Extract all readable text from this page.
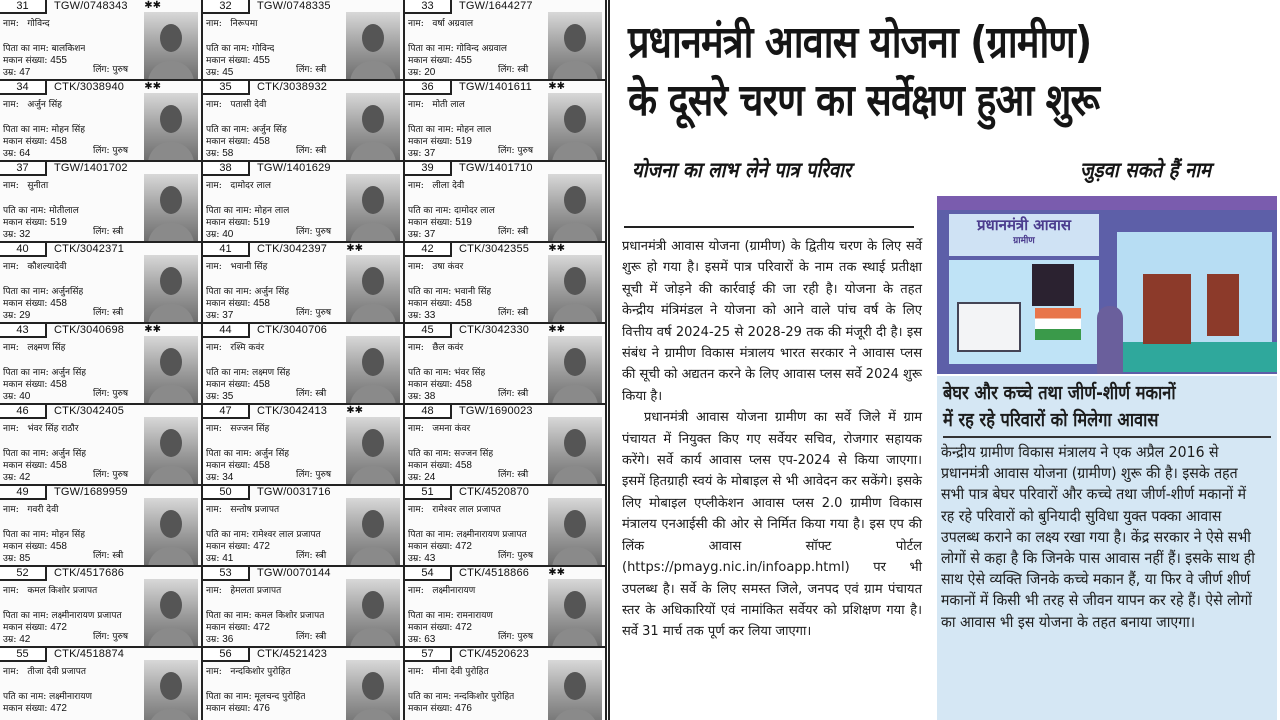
31	TGW/0748343 ✱✱
नाम: गोविन्द
पिता का नाम: बालकिशन
मकान संख्या: 455
उम्र: 47	लिंग: पुरुष
32	TGW/0748335
नाम: निरूपमा
पति का नाम: गोविन्द
मकान संख्या: 455
उम्र: 45	लिंग: स्त्री
33	TGW/1644277
नाम: वर्षा अग्रवाल
पिता का नाम: गोविन्द अग्रवाल
मकान संख्या: 455
उम्र: 20	लिंग: स्त्री
34	CTK/3038940 ✱✱
नाम: अर्जुन सिंह
पिता का नाम: मोहन सिंह
मकान संख्या: 458
उम्र: 64	लिंग: पुरुष
35	CTK/3038932
नाम: पतासी देवी
पति का नाम: अर्जुन सिंह
मकान संख्या: 458
उम्र: 58	लिंग: स्त्री
36	TGW/1401611 ✱✱
नाम: मोती लाल
पिता का नाम: मोहन लाल
मकान संख्या: 519
उम्र: 37	लिंग: पुरुष
37	TGW/1401702
नाम: सुनीता
पति का नाम: मोतीलाल
मकान संख्या: 519
उम्र: 32	लिंग: स्त्री
38	TGW/1401629
नाम: दामोदर लाल
पिता का नाम: मोहन लाल
मकान संख्या: 519
उम्र: 40	लिंग: पुरुष
39	TGW/1401710
नाम: लीला देवी
पति का नाम: दामोदर लाल
मकान संख्या: 519
उम्र: 37	लिंग: स्त्री
40	CTK/3042371
नाम: कौशल्यादेवी
पिता का नाम: अर्जुनसिंह
मकान संख्या: 458
उम्र: 29	लिंग: स्त्री
41	CTK/3042397 ✱✱
नाम: भवानी सिंह
पिता का नाम: अर्जुन सिंह
मकान संख्या: 458
उम्र: 37	लिंग: पुरुष
42	CTK/3042355 ✱✱
नाम: उषा कंवर
पति का नाम: भवानी सिंह
मकान संख्या: 458
उम्र: 33	लिंग: स्त्री
43	CTK/3040698 ✱✱
नाम: लक्ष्मण सिंह
पिता का नाम: अर्जुन सिंह
मकान संख्या: 458
उम्र: 40	लिंग: पुरुष
44	CTK/3040706
नाम: रश्मि कवंर
पति का नाम: लक्ष्मण सिंह
मकान संख्या: 458
उम्र: 35	लिंग: स्त्री
45	CTK/3042330 ✱✱
नाम: छैल कवंर
पति का नाम: भंवर सिंह
मकान संख्या: 458
उम्र: 38	लिंग: स्त्री
46	CTK/3042405
नाम: भंवर सिंह राठौर
पिता का नाम: अर्जुन सिंह
मकान संख्या: 458
उम्र: 42	लिंग: पुरुष
47	CTK/3042413 ✱✱
नाम: सज्जन सिंह
पिता का नाम: अर्जुन सिंह
मकान संख्या: 458
उम्र: 34	लिंग: पुरुष
48	TGW/1690023
नाम: जमना कंवर
पति का नाम: सज्जन सिंह
मकान संख्या: 458
उम्र: 24	लिंग: स्त्री
49	TGW/1689959
नाम: गवरी देवी
पिता का नाम: मोहन सिंह
मकान संख्या: 458
उम्र: 85	लिंग: स्त्री
50	TGW/0031716
नाम: सन्तोष प्रजापत
पति का नाम: रामेश्वर लाल प्रजापत
मकान संख्या: 472
उम्र: 41	लिंग: स्त्री
51	CTK/4520870
नाम: रामेश्वर लाल प्रजापत
पिता का नाम: लक्ष्मीनारायण प्रजापत
मकान संख्या: 472
उम्र: 43	लिंग: पुरुष
52	CTK/4517686
नाम: कमल किशोर प्रजापत
पिता का नाम: लक्ष्मीनारायण प्रजापत
मकान संख्या: 472
उम्र: 42	लिंग: पुरुष
53	TGW/0070144
नाम: हेमलता प्रजापत
पिता का नाम: कमल किशोर प्रजापत
मकान संख्या: 472
उम्र: 36	लिंग: स्त्री
54	CTK/4518866 ✱✱
नाम: लक्ष्मीनारायण
पिता का नाम: रामनारायण
मकान संख्या: 472
उम्र: 63	लिंग: पुरुष
55	CTK/4518874
नाम: तीजा देवी प्रजापत
पति का नाम: लक्ष्मीनारायण
मकान संख्या: 472
56	CTK/4521423
नाम: नन्दकिशोर पुरोहित
पिता का नाम: मूलचन्द पुरोहित
मकान संख्या: 476
57	CTK/4520623
नाम: मीना देवी पुरोहित
पति का नाम: नन्दकिशोर पुरोहित
मकान संख्या: 476
प्रधानमंत्री आवास योजना (ग्रामीण)
के दूसरे चरण का सर्वेक्षण हुआ शुरू
योजना का लाभ लेने पात्र परिवार	जुड़वा सकते हैं नाम

प्रधानमंत्री आवास योजना (ग्रामीण) के द्वितीय चरण के लिए सर्वे शुरू हो गया है। इसमें पात्र परिवारों के नाम तक स्थाई प्रतीक्षा सूची में जोड़ने की कार्रवाई की जा रही है। योजना के तहत केन्द्रीय मंत्रिमंडल ने योजना को आने वाले पांच वर्ष के लिए वित्तीय वर्ष 2024-25 से 2028-29 तक की मंजूरी दी है। इस संबंध ने ग्रामीण विकास मंत्रालय भारत सरकार ने आवास प्लस की सूची को अद्यतन करने के लिए आवास प्लस सर्वे 2024 शुरू किया है।

प्रधानमंत्री आवास योजना ग्रामीण का सर्वे जिले में ग्राम पंचायत में नियुक्त किए गए सर्वेयर सचिव, रोजगार सहायक करेंगे। सर्वे कार्य आवास प्लस एप-2024 से किया जाएगा। इसमें हितग्राही स्वयं के मोबाइल से भी आवेदन कर सकेंगे। इसके लिए मोबाइल एप्लीकेशन आवास प्लस 2.0 ग्रामीण विकास मंत्रालय एनआईसी की ओर से निर्मित किया गया है। इस एप की लिंक आवास सॉफ्ट पोर्टल (https://pmayg.nic.in/infoapp.html) पर भी उपलब्ध है। सर्वे के लिए समस्त जिले, जनपद एवं ग्राम पंचायत स्तर के अधिकारियों एवं नामांकित सर्वेयर को प्रशिक्षण गया है। सर्वे 31 मार्च तक पूर्ण कर लिया जाएगा।

प्रधानमंत्री आवास
ग्रामीण
बेघर और कच्चे तथा जीर्ण-शीर्ण मकानों
में रह रहे परिवारों को मिलेगा आवास
केन्द्रीय ग्रामीण विकास मंत्रालय ने एक अप्रैल 2016 से प्रधानमंत्री आवास योजना (ग्रामीण) शुरू की है। इसके तहत सभी पात्र बेघर परिवारों और कच्चे तथा जीर्ण-शीर्ण मकानों में रह रहे परिवारों को बुनियादी सुविधा युक्त पक्का आवास उपलब्ध कराने का लक्ष्य रखा गया है। केंद्र सरकार ने ऐसे सभी लोगों से कहा है कि जिनके पास आवास नहीं हैं। इसके साथ ही साथ ऐसे व्यक्ति जिनके कच्चे मकान हैं, या फिर वे जीर्ण शीर्ण मकानों में किसी भी तरह से जीवन यापन कर रहे हैं। ऐसे लोगों का आवास भी इस योजना के तहत बनाया जाएगा।
